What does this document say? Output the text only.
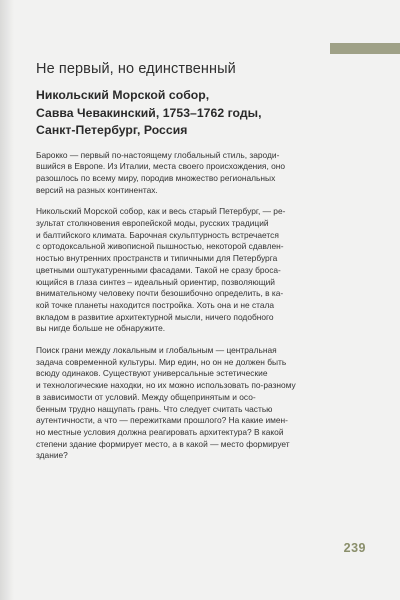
Не первый, но единственный
Никольский Морской собор,
Савва Чевакинский, 1753–1762 годы,
Санкт-Петербург, Россия
Барокко — первый по-настоящему глобальный стиль, зароди-
вшийся в Европе. Из Италии, места своего происхождения, оно
разошлось по всему миру, породив множество региональных
версий на разных континентах.
Никольский Морской собор, как и весь старый Петербург, — ре-
зультат столкновения европейской моды, русских традиций
и балтийского климата. Барочная скульптурность встречается
с ортодоксальной живописной пышностью, некоторой сдавлен-
ностью внутренних пространств и типичными для Петербурга
цветными оштукатуренными фасадами. Такой не сразу броса-
ющийся в глаза синтез – идеальный ориентир, позволяющий
внимательному человеку почти безошибочно определить, в ка-
кой точке планеты находится постройка. Хоть она и не стала
вкладом в развитие архитектурной мысли, ничего подобного
вы нигде больше не обнаружите.
Поиск грани между локальным и глобальным — центральная
задача современной культуры. Мир един, но он не должен быть
всюду одинаков. Существуют универсальные эстетические
и технологические находки, но их можно использовать по-разному
в зависимости от условий. Между общепринятым и осо-
бенным трудно нащупать грань. Что следует считать частью
аутентичности, а что — пережитками прошлого? На какие имен-
но местные условия должна реагировать архитектура? В какой
степени здание формирует место, а в какой — место формирует
здание?
239
